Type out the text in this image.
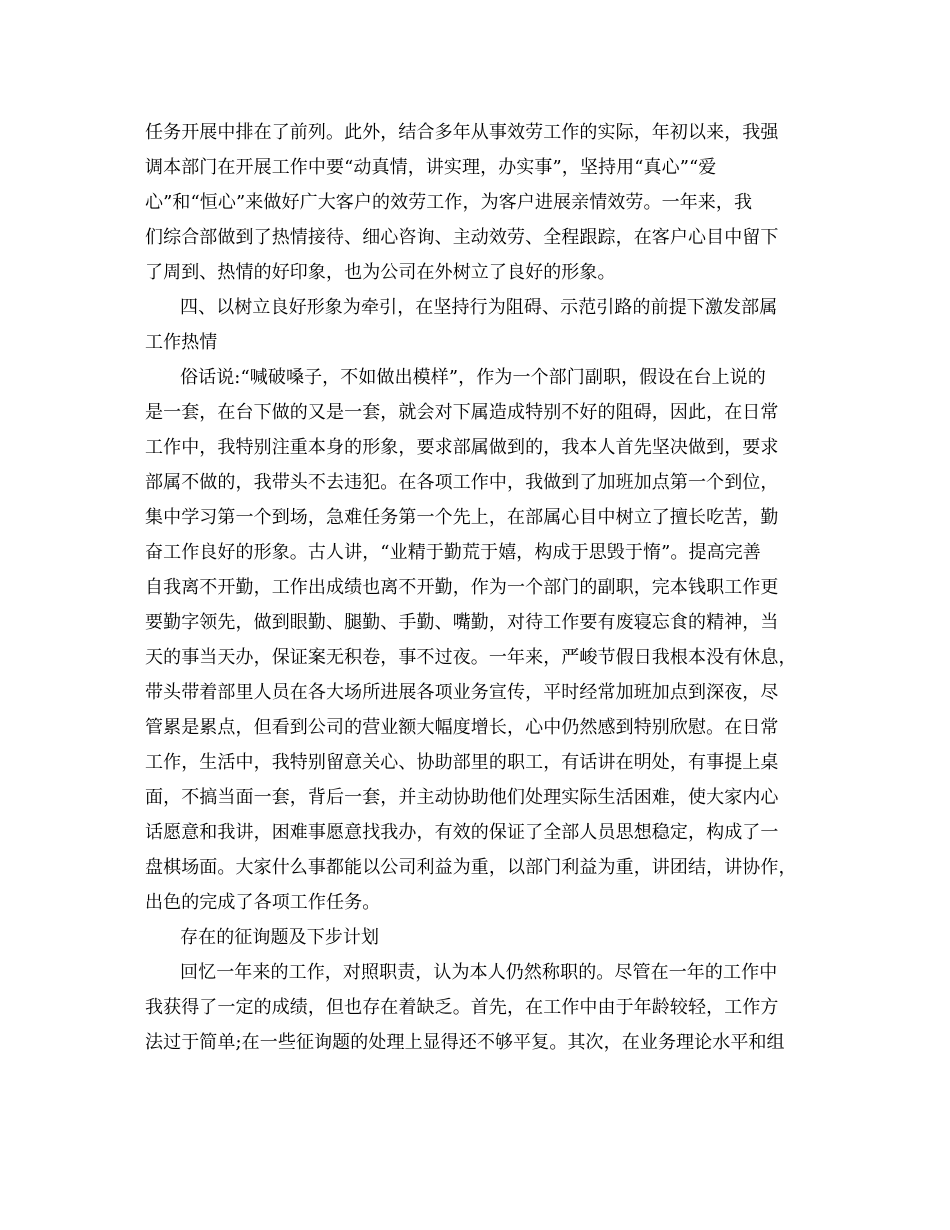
任务开展中排在了前列。此外，结合多年从事效劳工作的实际，年初以来，我强
调本部门在开展工作中要“动真情，讲实理，办实事”，坚持用“真心”“爱
心”和“恒心”来做好广大客户的效劳工作，为客户进展亲情效劳。一年来，我
们综合部做到了热情接待、细心咨询、主动效劳、全程跟踪，在客户心目中留下
了周到、热情的好印象，也为公司在外树立了良好的形象。
四、以树立良好形象为牵引，在坚持行为阻碍、示范引路的前提下激发部属
工作热情
俗话说:“喊破嗓子，不如做出模样”，作为一个部门副职，假设在台上说的
是一套，在台下做的又是一套，就会对下属造成特别不好的阻碍，因此，在日常
工作中，我特别注重本身的形象，要求部属做到的，我本人首先坚决做到，要求
部属不做的，我带头不去违犯。在各项工作中，我做到了加班加点第一个到位，
集中学习第一个到场，急难任务第一个先上，在部属心目中树立了擅长吃苦，勤
奋工作良好的形象。古人讲，“业精于勤荒于嬉，构成于思毁于惰”。提高完善
自我离不开勤，工作出成绩也离不开勤，作为一个部门的副职，完本钱职工作更
要勤字领先，做到眼勤、腿勤、手勤、嘴勤，对待工作要有废寝忘食的精神，当
天的事当天办，保证案无积卷，事不过夜。一年来，严峻节假日我根本没有休息，
带头带着部里人员在各大场所进展各项业务宣传，平时经常加班加点到深夜，尽
管累是累点，但看到公司的营业额大幅度增长，心中仍然感到特别欣慰。在日常
工作，生活中，我特别留意关心、协助部里的职工，有话讲在明处，有事提上桌
面，不搞当面一套，背后一套，并主动协助他们处理实际生活困难，使大家内心
话愿意和我讲，困难事愿意找我办，有效的保证了全部人员思想稳定，构成了一
盘棋场面。大家什么事都能以公司利益为重，以部门利益为重，讲团结，讲协作，
出色的完成了各项工作任务。
存在的征询题及下步计划
回忆一年来的工作，对照职责，认为本人仍然称职的。尽管在一年的工作中
我获得了一定的成绩，但也存在着缺乏。首先，在工作中由于年龄较轻，工作方
法过于简单;在一些征询题的处理上显得还不够平复。其次，在业务理论水平和组
